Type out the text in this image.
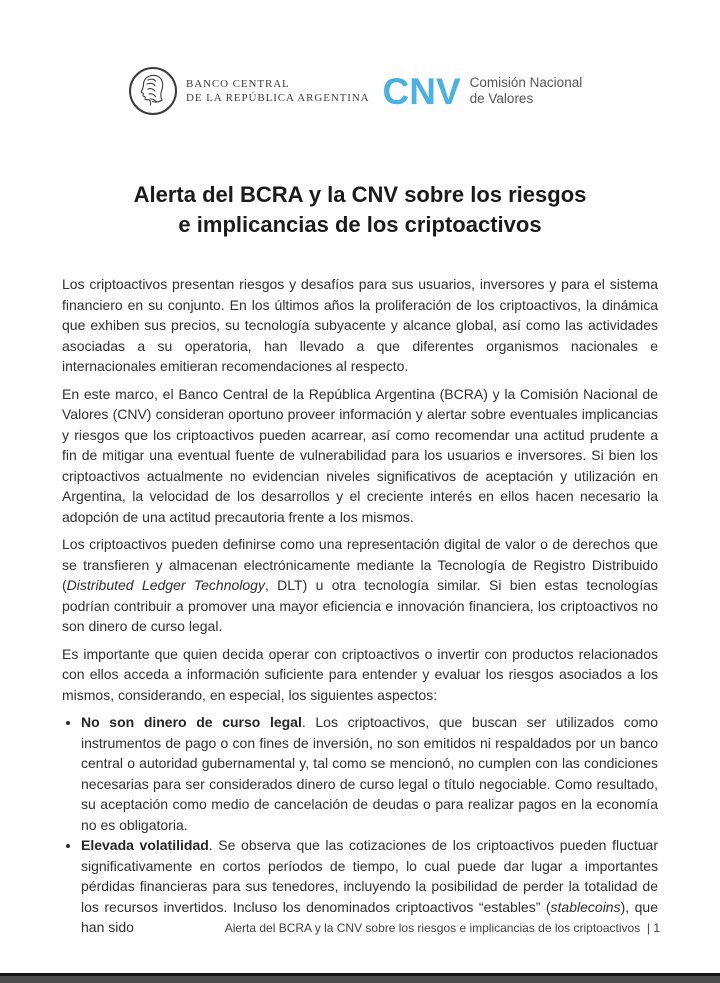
BANCO CENTRAL
DE LA REPÚBLICA ARGENTINA CNV Comisión Nacional
de Valores
Alerta del BCRA y la CNV sobre los riesgos
e implicancias de los criptoactivos

Los criptoactivos presentan riesgos y desafíos para sus usuarios, inversores y para el sistema financiero en su conjunto. En los últimos años la proliferación de los criptoactivos, la dinámica que exhiben sus precios, su tecnología subyacente y alcance global, así como las actividades asociadas a su operatoria, han llevado a que diferentes organismos nacionales e internacionales emitieran recomendaciones al respecto.

En este marco, el Banco Central de la República Argentina (BCRA) y la Comisión Nacional de Valores (CNV) consideran oportuno proveer información y alertar sobre eventuales implicancias y riesgos que los criptoactivos pueden acarrear, así como recomendar una actitud prudente a fin de mitigar una eventual fuente de vulnerabilidad para los usuarios e inversores. Si bien los criptoactivos actualmente no evidencian niveles significativos de aceptación y utilización en Argentina, la velocidad de los desarrollos y el creciente interés en ellos hacen necesario la adopción de una actitud precautoria frente a los mismos.

Los criptoactivos pueden definirse como una representación digital de valor o de derechos que se transfieren y almacenan electrónicamente mediante la Tecnología de Registro Distribuido (Distributed Ledger Technology, DLT) u otra tecnología similar. Si bien estas tecnologías podrían contribuir a promover una mayor eficiencia e innovación financiera, los criptoactivos no son dinero de curso legal.

Es importante que quien decida operar con criptoactivos o invertir con productos relacionados con ellos acceda a información suficiente para entender y evaluar los riesgos asociados a los mismos, considerando, en especial, los siguientes aspectos:

• No son dinero de curso legal. Los criptoactivos, que buscan ser utilizados como instrumentos de pago o con fines de inversión, no son emitidos ni respaldados por un banco central o autoridad gubernamental y, tal como se mencionó, no cumplen con las condiciones necesarias para ser considerados dinero de curso legal o título negociable. Como resultado, su aceptación como medio de cancelación de deudas o para realizar pagos en la economía no es obligatoria.
• Elevada volatilidad. Se observa que las cotizaciones de los criptoactivos pueden fluctuar significativamente en cortos períodos de tiempo, lo cual puede dar lugar a importantes pérdidas financieras para sus tenedores, incluyendo la posibilidad de perder la totalidad de los recursos invertidos. Incluso los denominados criptoactivos “estables” (stablecoins), que han sido	Alerta del BCRA y la CNV sobre los riesgos e implicancias de los criptoactivos  | 1
